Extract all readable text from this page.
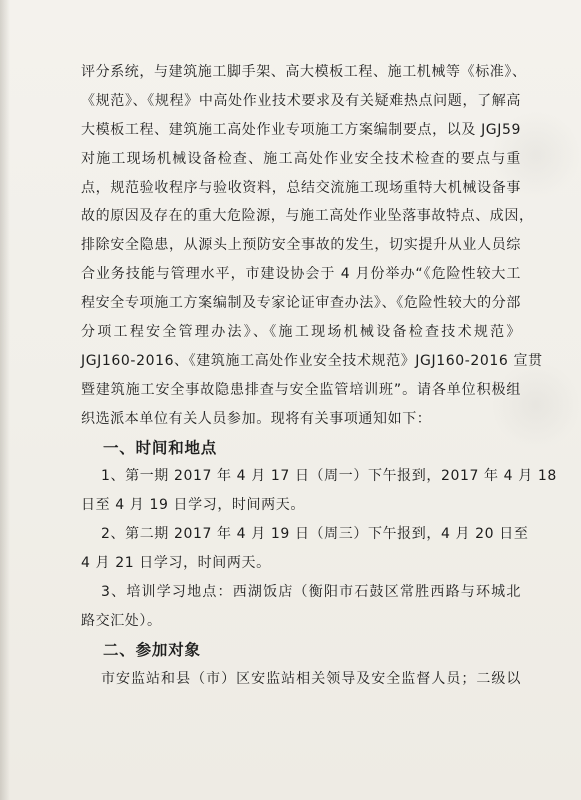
评分系统，与建筑施工脚手架、高大模板工程、施工机械等《标准》、
《规范》、《规程》中高处作业技术要求及有关疑难热点问题，了解高
大模板工程、建筑施工高处作业专项施工方案编制要点，以及 JGJ59
对施工现场机械设备检查、施工高处作业安全技术检查的要点与重
点，规范验收程序与验收资料，总结交流施工现场重特大机械设备事
故的原因及存在的重大危险源，与施工高处作业坠落事故特点、成因，
排除安全隐患，从源头上预防安全事故的发生，切实提升从业人员综
合业务技能与管理水平，市建设协会于 4 月份举办“《危险性较大工
程安全专项施工方案编制及专家论证审查办法》、《危险性较大的分部
分项工程安全管理办法》、《施工现场机械设备检查技术规范》
JGJ160-2016、《建筑施工高处作业安全技术规范》JGJ160-2016 宣贯
暨建筑施工安全事故隐患排查与安全监管培训班”。请各单位积极组
织选派本单位有关人员参加。现将有关事项通知如下：
一、时间和地点
1、第一期 2017 年 4 月 17 日（周一）下午报到，2017 年 4 月 18
日至 4 月 19 日学习，时间两天。
2、第二期 2017 年 4 月 19 日（周三）下午报到，4 月 20 日至
4 月 21 日学习，时间两天。
3、培训学习地点：西湖饭店（衡阳市石鼓区常胜西路与环城北
路交汇处）。
二、参加对象
市安监站和县（市）区安监站相关领导及安全监督人员；二级以
